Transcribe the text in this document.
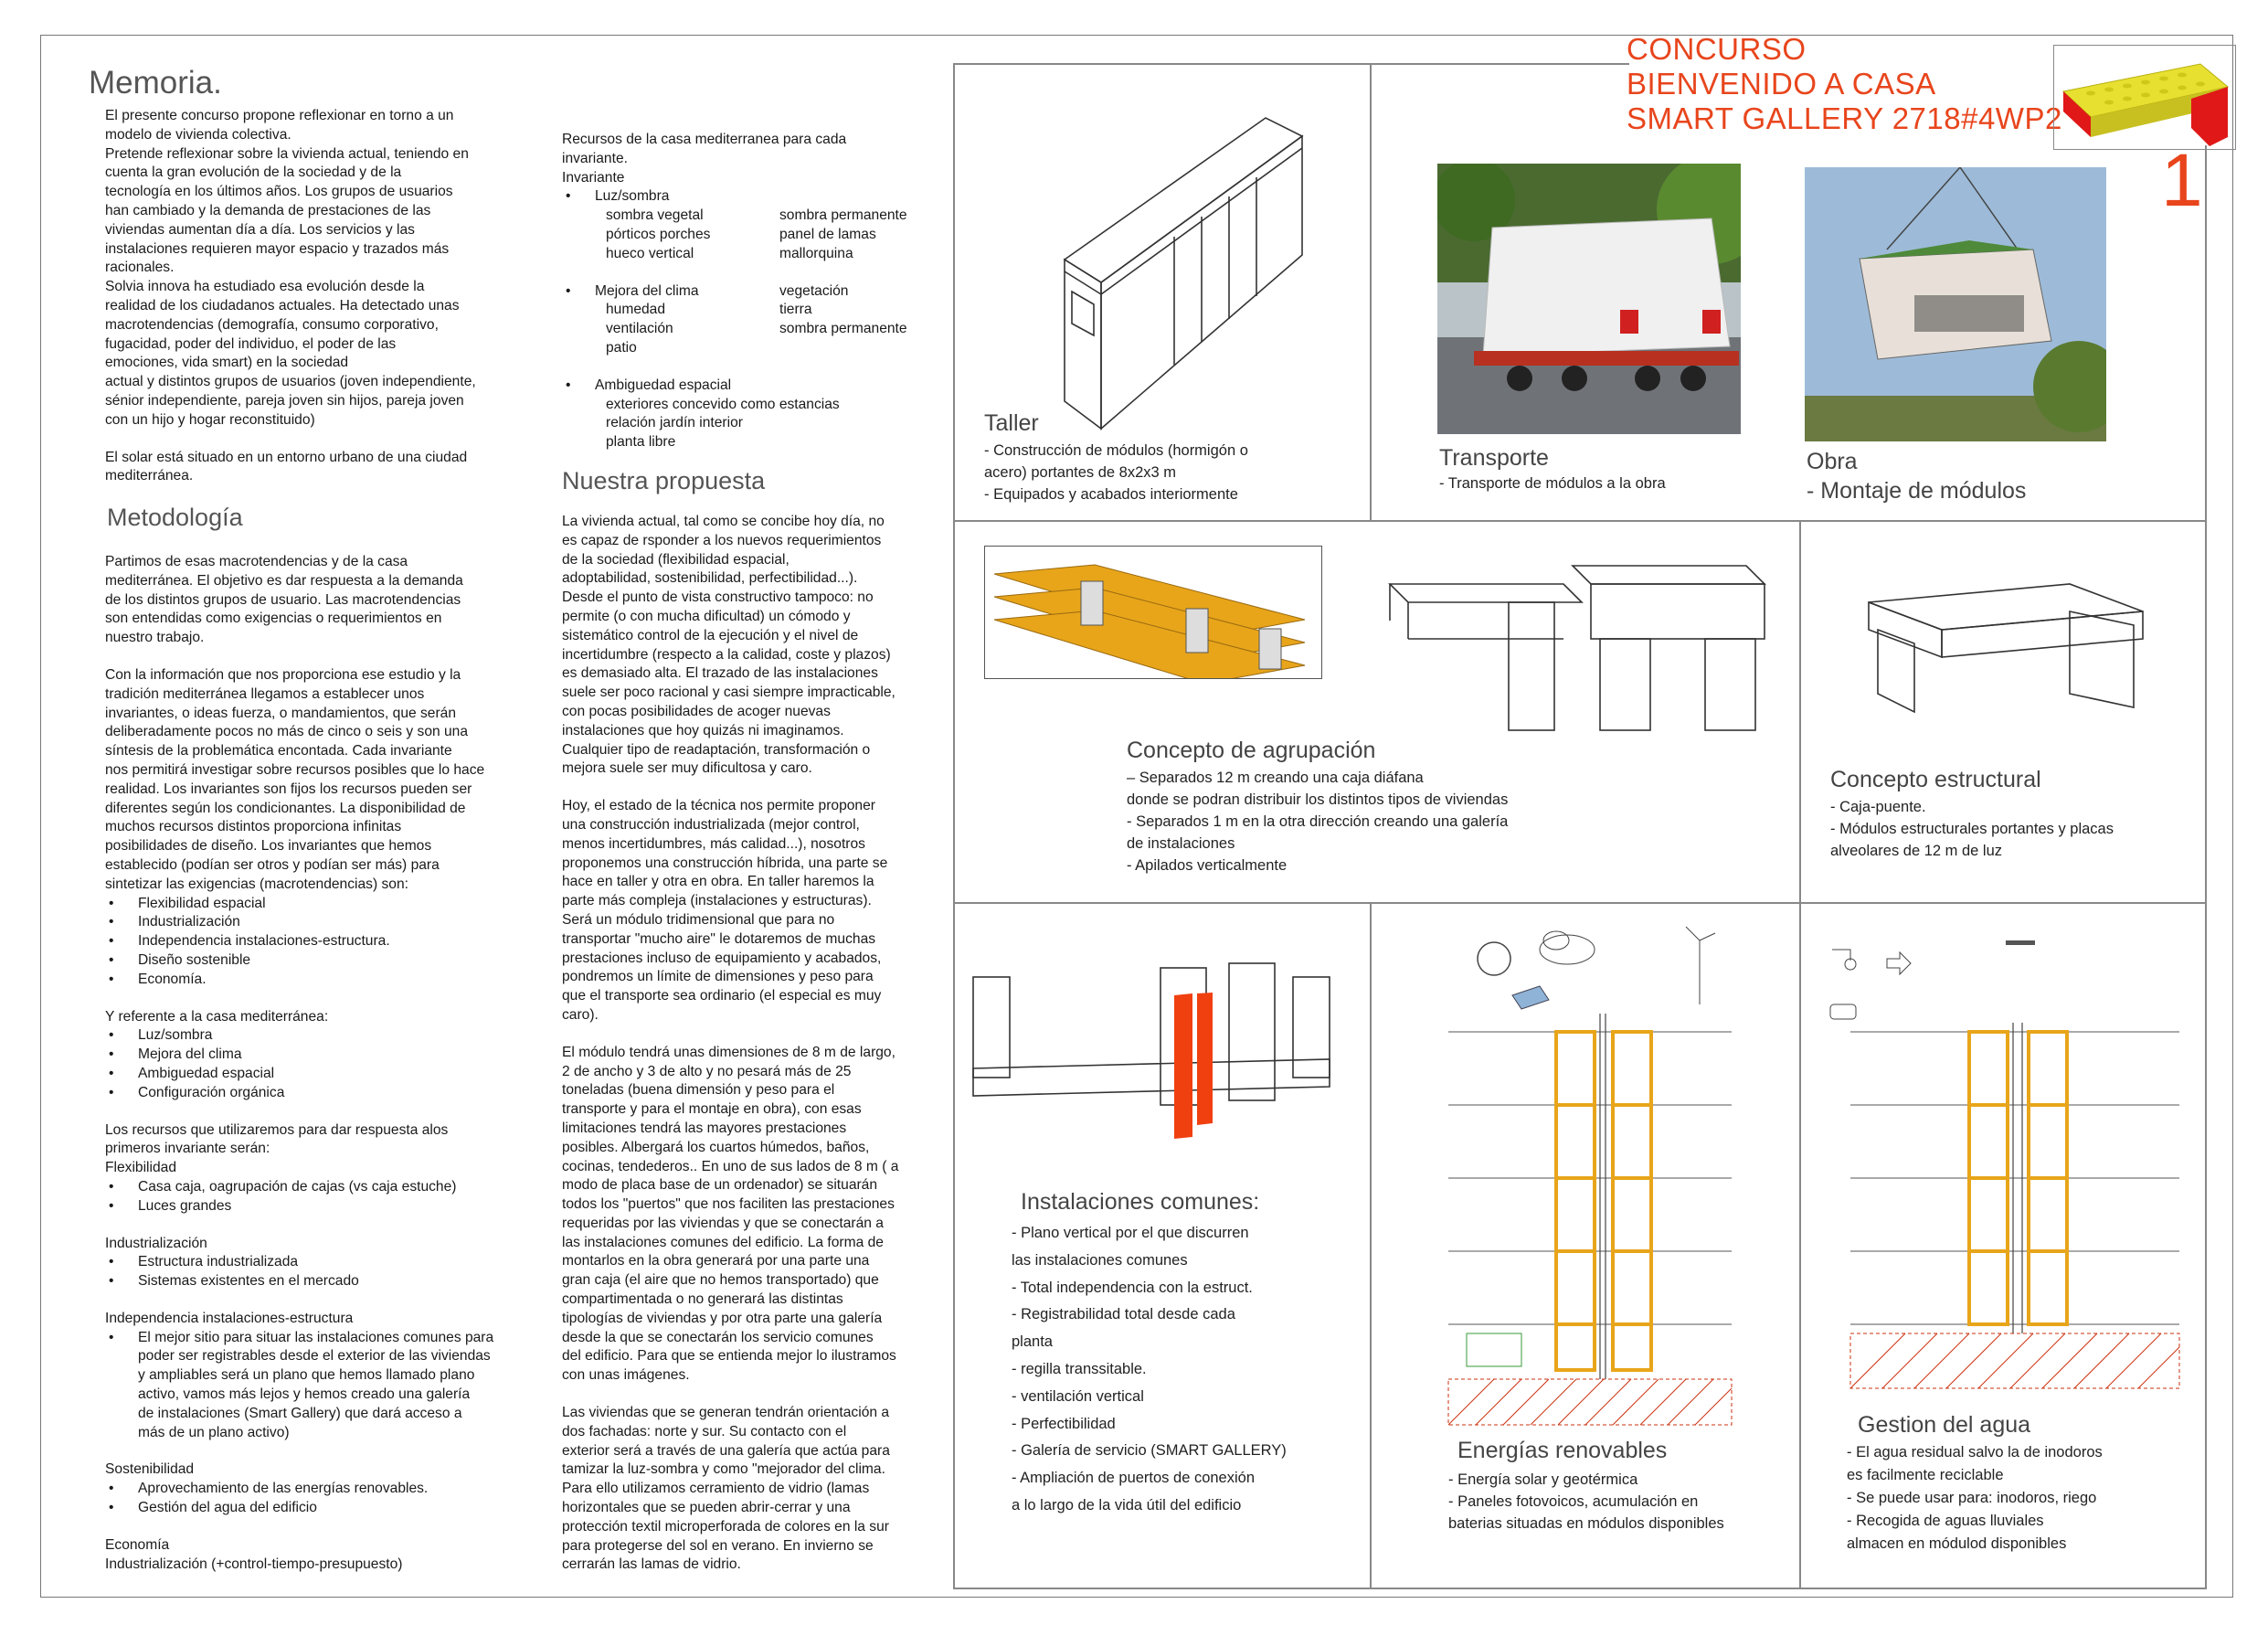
CONCURSO
BIENVENIDO A CASA
SMART GALLERY 2718#4WP2
1
Memoria.
El presente concurso propone reflexionar en torno a un
modelo de vivienda colectiva.
Pretende reflexionar sobre la vivienda actual, teniendo en
cuenta la gran evolución de la sociedad y de la
tecnología en los últimos años. Los grupos de usuarios
han cambiado y la demanda de prestaciones de las
viviendas aumentan día a día. Los servicios y las
instalaciones requieren mayor espacio y trazados más
racionales.
Solvia innova ha estudiado esa evolución desde la
realidad de los ciudadanos actuales. Ha detectado unas
macrotendencias (demografía, consumo corporativo,
fugacidad, poder del individuo, el poder de las
emociones, vida smart) en la sociedad
actual y distintos grupos de usuarios (joven independiente,
sénior independiente, pareja joven sin hijos, pareja joven
con un hijo y hogar reconstituido)
El solar está situado en un entorno urbano de una ciudad
mediterránea.
Metodología
Partimos de esas macrotendencias y de la casa
mediterránea. El objetivo es dar respuesta a la demanda
de los distintos grupos de usuario. Las macrotendencias
son entendidas como exigencias o requerimientos en
nuestro trabajo.
Con la información que nos proporciona ese estudio y la
tradición mediterránea llegamos a establecer unos
invariantes, o ideas fuerza, o mandamientos, que serán
deliberadamente pocos no más de cinco o seis y son una
síntesis de la problemática encontada. Cada invariante
nos permitirá investigar sobre recursos posibles que lo hace
realidad. Los invariantes son fijos los recursos pueden ser
diferentes según los condicionantes. La disponibilidad de
muchos recursos distintos proporciona infinitas
posibilidades de diseño. Los invariantes que hemos
establecido (podían ser otros y podían ser más) para
sintetizar las exigencias (macrotendencias) son:
• Flexibilidad espacial
• Industrialización
• Independencia instalaciones-estructura.
• Diseño sostenible
• Economía.
Y referente a la casa mediterránea:
• Luz/sombra
• Mejora del clima
• Ambiguedad espacial
• Configuración orgánica
Los recursos que utilizaremos para dar respuesta alos
primeros invariante serán:
Flexibilidad
• Casa caja, oagrupación de cajas (vs caja estuche)
• Luces grandes
Industrialización
• Estructura industrializada
• Sistemas existentes en el mercado
Independencia instalaciones-estructura
• El mejor sitio para situar las instalaciones comunes para
poder ser registrables desde el exterior de las viviendas
y ampliables será un plano que hemos llamado plano
activo, vamos más lejos y hemos creado una galería
de instalaciones (Smart Gallery) que dará acceso a
más de un plano activo)
Sostenibilidad
• Aprovechamiento de las energías renovables.
• Gestión del agua del edificio
Economía
Industrialización (+control-tiempo-presupuesto)
Recursos de la casa mediterranea para cada
invariante.
Invariante
• Luz/sombra
sombra vegetal	sombra permanente
pórticos porches	panel de lamas
hueco vertical	mallorquina
• Mejora del clima	vegetación
humedad	tierra
ventilación	sombra permanente
patio
• Ambiguedad espacial
exteriores concevido como estancias
relación jardín interior
planta libre
Nuestra propuesta
La vivienda actual, tal como se concibe hoy día, no
es capaz de rsponder a los nuevos requerimientos
de la sociedad (flexibilidad espacial,
adoptabilidad, sostenibilidad, perfectibilidad...).
Desde el punto de vista constructivo tampoco: no
permite (o con mucha dificultad) un cómodo y
sistemático control de la ejecución y el nivel de
incertidumbre (respecto a la calidad, coste y plazos)
es demasiado alta. El trazado de las instalaciones
suele ser poco racional y casi siempre impracticable,
con pocas posibilidades de acoger nuevas
instalaciones que hoy quizás ni imaginamos.
Cualquier tipo de readaptación, transformación o
mejora suele ser muy dificultosa y caro.
Hoy, el estado de la técnica nos permite proponer
una construcción industrializada (mejor control,
menos incertidumbres, más calidad...), nosotros
proponemos una construcción híbrida, una parte se
hace en taller y otra en obra. En taller haremos la
parte más compleja (instalaciones y estructuras).
Será un módulo tridimensional que para no
transportar "mucho aire" le dotaremos de muchas
prestaciones incluso de equipamiento y acabados,
pondremos un límite de dimensiones y peso para
que el transporte sea ordinario (el especial es muy
caro).
El módulo tendrá unas dimensiones de 8 m de largo,
2 de ancho y 3 de alto y no pesará más de 25
toneladas (buena dimensión y peso para el
transporte y para el montaje en obra), con esas
limitaciones tendrá las mayores prestaciones
posibles. Albergará los cuartos húmedos, baños,
cocinas, tendederos.. En uno de sus lados de 8 m ( a
modo de placa base de un ordenador) se situarán
todos los "puertos" que nos faciliten las prestaciones
requeridas por las viviendas y que se conectarán a
las instalaciones comunes del edificio. La forma de
montarlos en la obra generará por una parte una
gran caja (el aire que no hemos transportado) que
compartimentada o no generará las distintas
tipologías de viviendas y por otra parte una galería
desde la que se conectarán los servicio comunes
del edificio. Para que se entienda mejor lo ilustramos
con unas imágenes.
Las viviendas que se generan tendrán orientación a
dos fachadas: norte y sur. Su contacto con el
exterior será a través de una galería que actúa para
tamizar la luz-sombra y como "mejorador del clima.
Para ello utilizamos cerramiento de vidrio (lamas
horizontales que se pueden abrir-cerrar y una
protección textil microperforada de colores en la sur
para protegerse del sol en verano. En invierno se
cerrarán las lamas de vidrio.
Taller
- Construcción de módulos (hormigón o
acero) portantes de 8x2x3 m
- Equipados y acabados interiormente
Transporte
- Transporte de módulos a la obra
Obra
- Montaje de módulos
Concepto de agrupación
– Separados 12 m creando una caja diáfana
donde se podran distribuir los distintos tipos de viviendas
- Separados 1 m en la otra dirección creando una galería
de instalaciones
- Apilados verticalmente
Concepto estructural
- Caja-puente.
- Módulos estructurales portantes y placas
alveolares de 12 m de luz
Instalaciones comunes:
- Plano vertical por el que discurren
las instalaciones comunes
- Total independencia con la estruct.
- Registrabilidad total desde cada
planta
- regilla transsitable.
- ventilación vertical
- Perfectibilidad
- Galería de servicio (SMART GALLERY)
- Ampliación de puertos de conexión
a lo largo de la vida útil del edificio
Energías renovables
- Energía solar y geotérmica
- Paneles fotovoicos, acumulación en
baterias situadas en módulos disponibles
Gestion del agua
- El agua residual salvo la de inodoros
es facilmente reciclable
- Se puede usar para: inodoros, riego
- Recogida de aguas lluviales
almacen en módulod disponibles
